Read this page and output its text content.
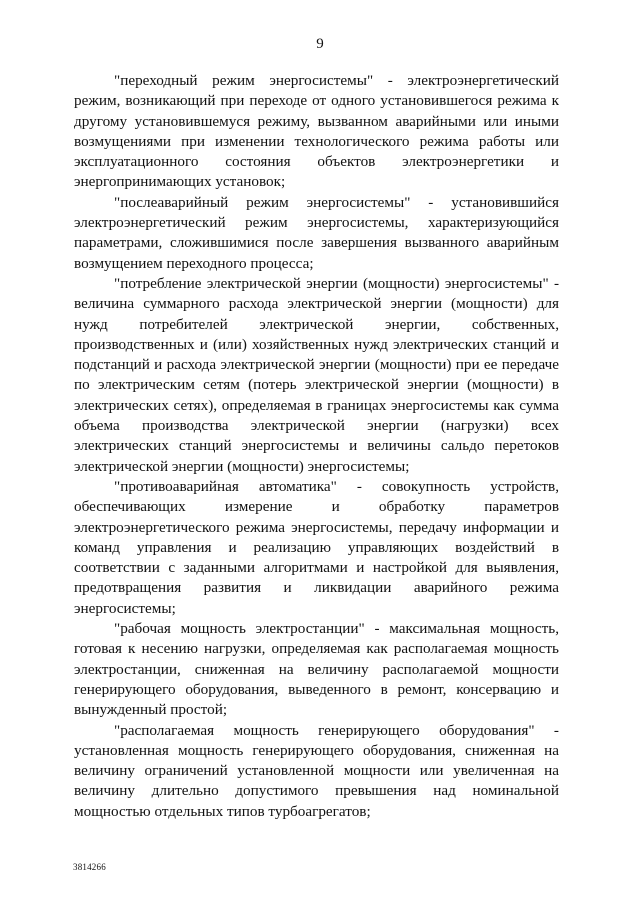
9

"переходный режим энергосистемы" - электроэнергетический режим, возникающий при переходе от одного установившегося режима к другому установившемуся режиму, вызванном аварийными или иными возмущениями при изменении технологического режима работы или эксплуатационного состояния объектов электроэнергетики и энергопринимающих установок;

"послеаварийный режим энергосистемы" - установившийся электроэнергетический режим энергосистемы, характеризующийся параметрами, сложившимися после завершения вызванного аварийным возмущением переходного процесса;

"потребление электрической энергии (мощности) энергосистемы" - величина суммарного расхода электрической энергии (мощности) для нужд потребителей электрической энергии, собственных, производственных и (или) хозяйственных нужд электрических станций и подстанций и расхода электрической энергии (мощности) при ее передаче по электрическим сетям (потерь электрической энергии (мощности) в электрических сетях), определяемая в границах энергосистемы как сумма объема производства электрической энергии (нагрузки) всех электрических станций энергосистемы и величины сальдо перетоков электрической энергии (мощности) энергосистемы;

"противоаварийная автоматика" - совокупность устройств, обеспечивающих измерение и обработку параметров электроэнергетического режима энергосистемы, передачу информации и команд управления и реализацию управляющих воздействий в соответствии с заданными алгоритмами и настройкой для выявления, предотвращения развития и ликвидации аварийного режима энергосистемы;

"рабочая мощность электростанции" - максимальная мощность, готовая к несению нагрузки, определяемая как располагаемая мощность электростанции, сниженная на величину располагаемой мощности генерирующего оборудования, выведенного в ремонт, консервацию и вынужденный простой;

"располагаемая мощность генерирующего оборудования" - установленная мощность генерирующего оборудования, сниженная на величину ограничений установленной мощности или увеличенная на величину длительно допустимого превышения над номинальной мощностью отдельных типов турбоагрегатов;

3814266
